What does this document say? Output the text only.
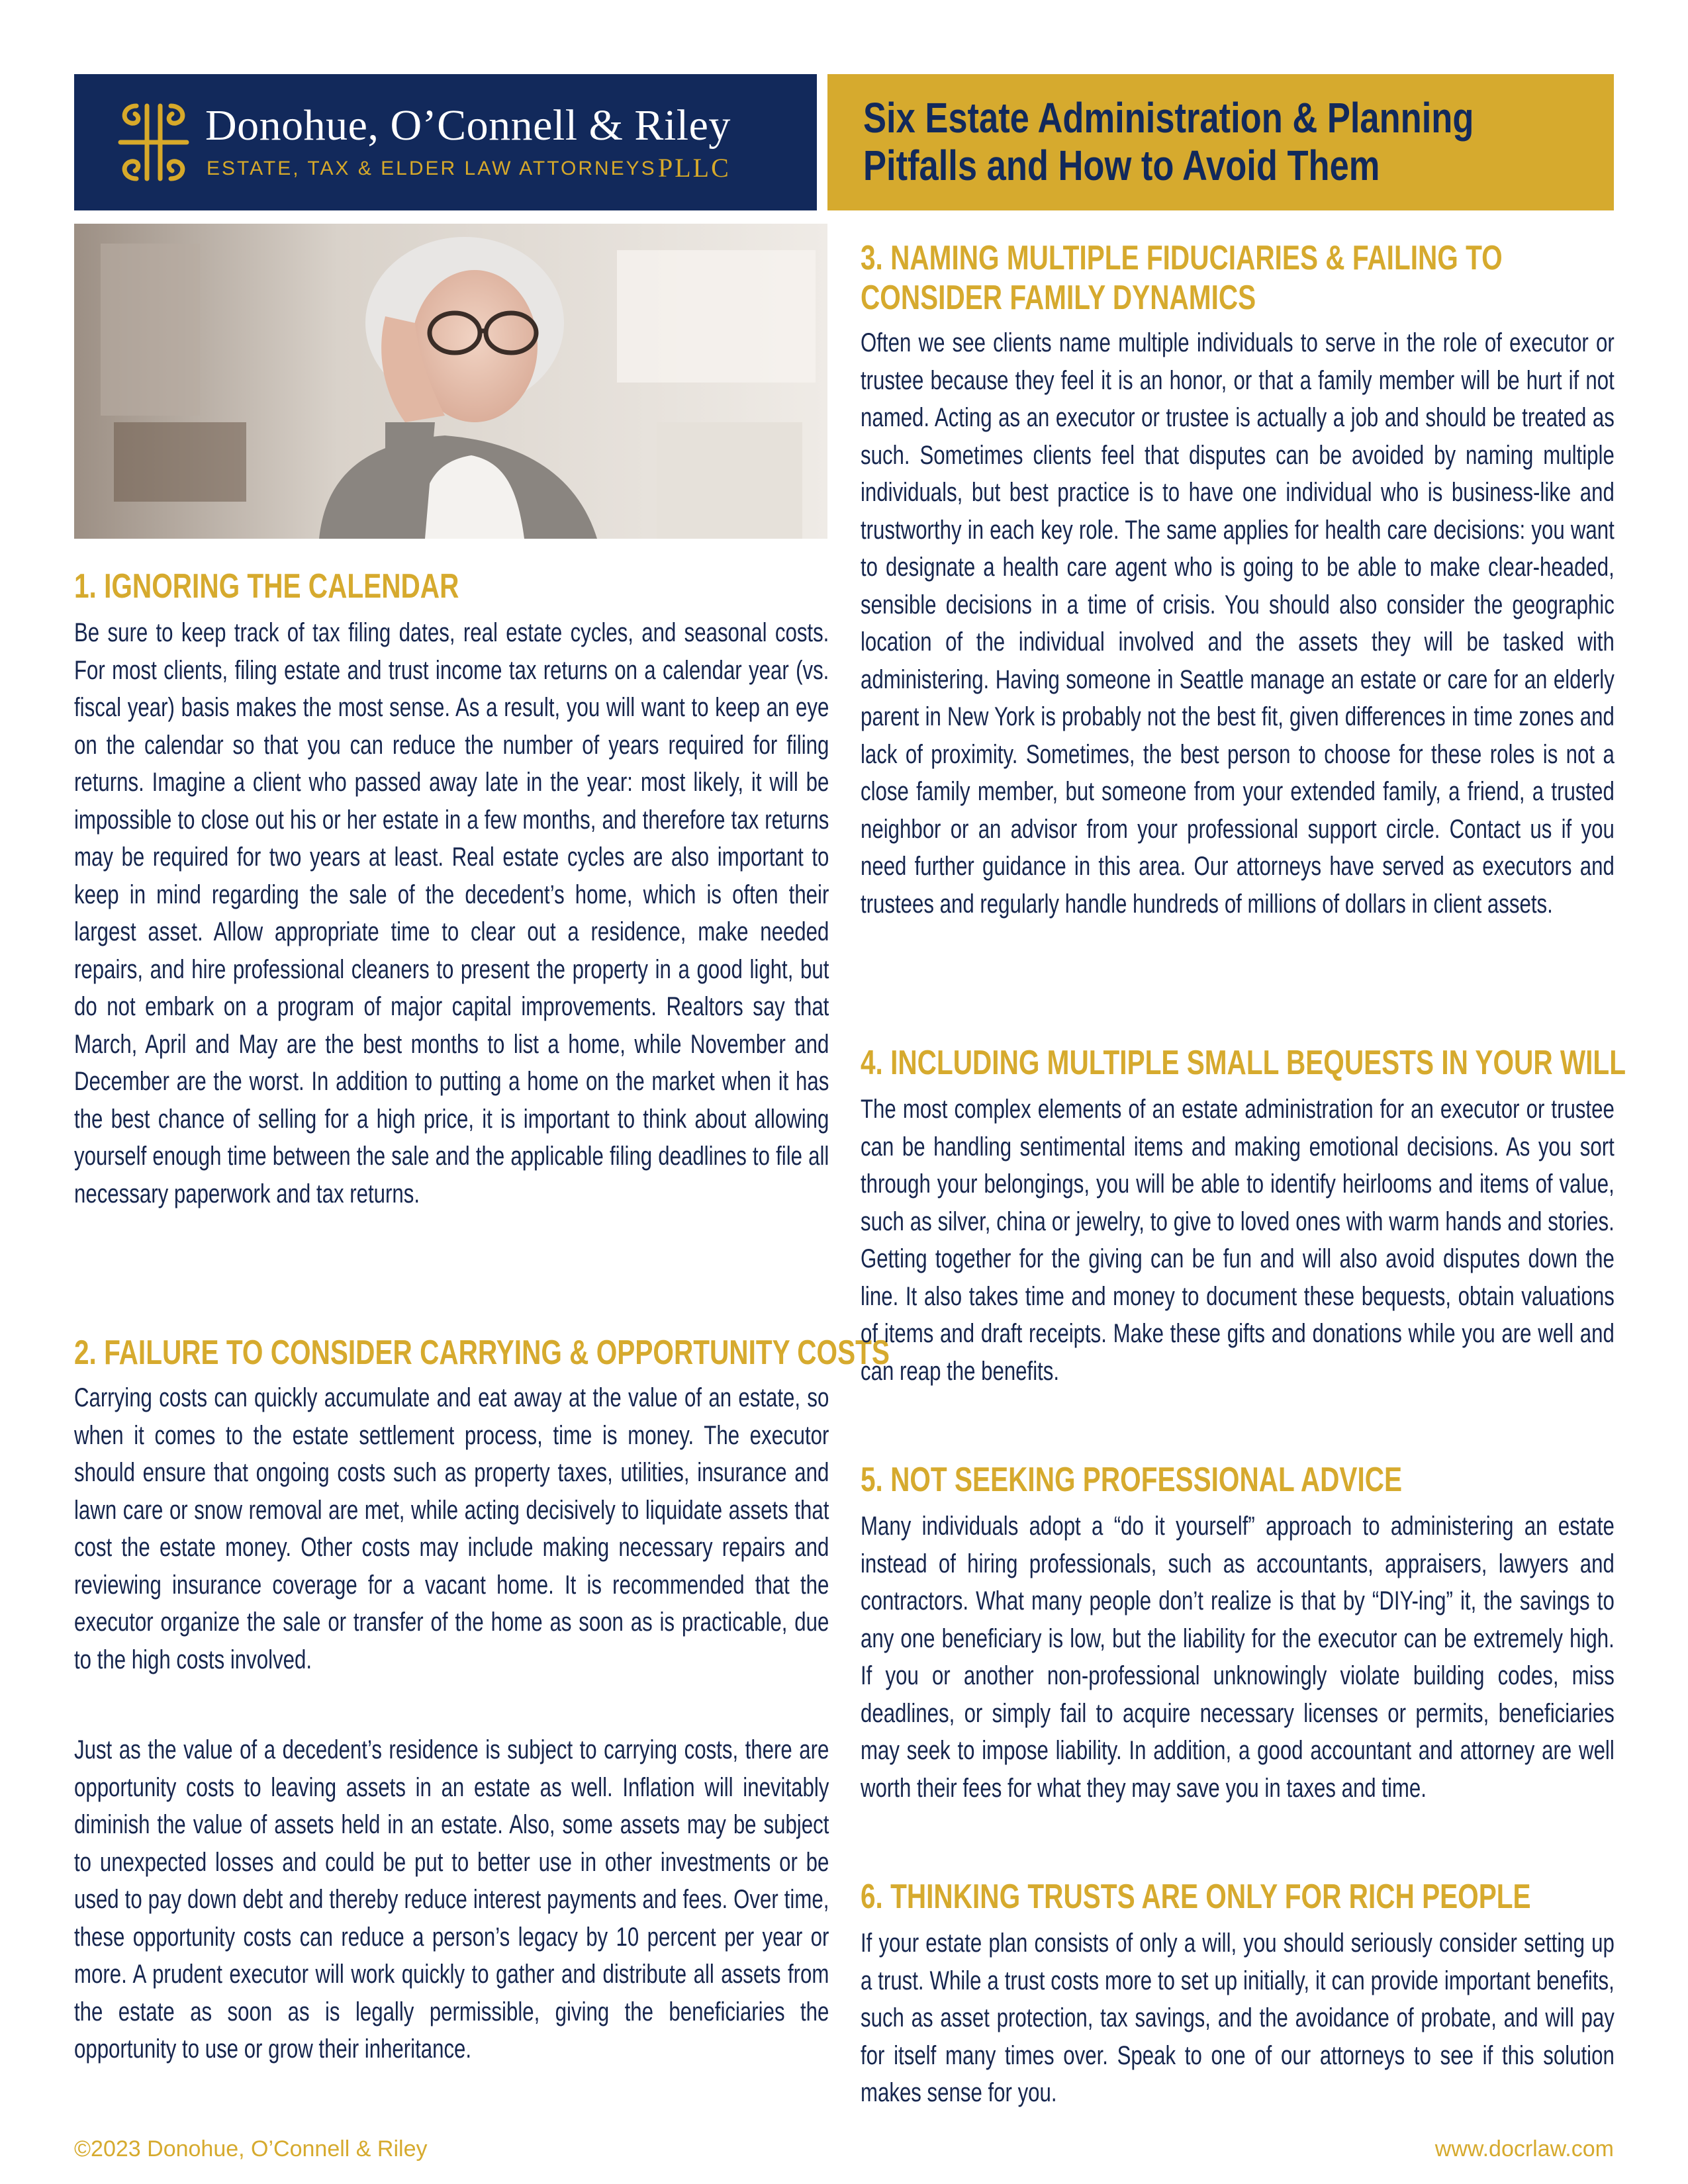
Donohue, O’Connell & Riley
ESTATE, TAX & ELDER LAW ATTORNEYS PLLC
Six Estate Administration & Planning Pitfalls and How to Avoid Them
1. IGNORING THE CALENDAR

Be sure to keep track of tax filing dates, real estate cycles, and seasonal costs. For most clients, filing estate and trust income tax returns on a calendar year (vs. fiscal year) basis makes the most sense. As a result, you will want to keep an eye on the calendar so that you can reduce the number of years required for filing returns. Imagine a client who passed away late in the year: most likely, it will be impossible to close out his or her estate in a few months, and therefore tax returns may be required for two years at least. Real estate cycles are also important to keep in mind regarding the sale of the decedent’s home, which is often their largest asset. Allow appropriate time to clear out a residence, make needed repairs, and hire professional cleaners to present the property in a good light, but do not embark on a program of major capital improvements. Realtors say that March, April and May are the best months to list a home, while November and December are the worst. In addition to putting a home on the market when it has the best chance of selling for a high price, it is important to think about allowing yourself enough time between the sale and the applicable filing deadlines to file all necessary paperwork and tax returns.

2. FAILURE TO CONSIDER CARRYING & OPPORTUNITY COSTS

Carrying costs can quickly accumulate and eat away at the value of an estate, so when it comes to the estate settlement process, time is money. The executor should ensure that ongoing costs such as property taxes, utilities, insurance and lawn care or snow removal are met, while acting decisively to liquidate assets that cost the estate money. Other costs may include making necessary repairs and reviewing insurance coverage for a vacant home. It is recommended that the executor organize the sale or transfer of the home as soon as is practicable, due to the high costs involved.

Just as the value of a decedent’s residence is subject to carrying costs, there are opportunity costs to leaving assets in an estate as well. Inflation will inevitably diminish the value of assets held in an estate. Also, some assets may be subject to unexpected losses and could be put to better use in other investments or be used to pay down debt and thereby reduce interest payments and fees. Over time, these opportunity costs can reduce a person’s legacy by 10 percent per year or more. A prudent executor will work quickly to gather and distribute all assets from the estate as soon as is legally permissible, giving the beneficiaries the opportunity to use or grow their inheritance.

3. NAMING MULTIPLE FIDUCIARIES & FAILING TO CONSIDER FAMILY DYNAMICS

Often we see clients name multiple individuals to serve in the role of executor or trustee because they feel it is an honor, or that a family member will be hurt if not named. Acting as an executor or trustee is actually a job and should be treated as such. Sometimes clients feel that disputes can be avoided by naming multiple individuals, but best practice is to have one individual who is business-like and trustworthy in each key role. The same applies for health care decisions: you want to designate a health care agent who is going to be able to make clear-headed, sensible decisions in a time of crisis. You should also consider the geographic location of the individual involved and the assets they will be tasked with administering. Having someone in Seattle manage an estate or care for an elderly parent in New York is probably not the best fit, given differences in time zones and lack of proximity. Sometimes, the best person to choose for these roles is not a close family member, but someone from your extended family, a friend, a trusted neighbor or an advisor from your professional support circle. Contact us if you need further guidance in this area. Our attorneys have served as executors and trustees and regularly handle hundreds of millions of dollars in client assets.

4. INCLUDING MULTIPLE SMALL BEQUESTS IN YOUR WILL

The most complex elements of an estate administration for an executor or trustee can be handling sentimental items and making emotional decisions. As you sort through your belongings, you will be able to identify heirlooms and items of value, such as silver, china or jewelry, to give to loved ones with warm hands and stories. Getting together for the giving can be fun and will also avoid disputes down the line. It also takes time and money to document these bequests, obtain valuations of items and draft receipts. Make these gifts and donations while you are well and can reap the benefits.

5. NOT SEEKING PROFESSIONAL ADVICE

Many individuals adopt a “do it yourself” approach to administering an estate instead of hiring professionals, such as accountants, appraisers, lawyers and contractors. What many people don’t realize is that by “DIY-ing” it, the savings to any one beneficiary is low, but the liability for the executor can be extremely high. If you or another non-professional unknowingly violate building codes, miss deadlines, or simply fail to acquire necessary licenses or permits, beneficiaries may seek to impose liability. In addition, a good accountant and attorney are well worth their fees for what they may save you in taxes and time.

6. THINKING TRUSTS ARE ONLY FOR RICH PEOPLE

If your estate plan consists of only a will, you should seriously consider setting up a trust. While a trust costs more to set up initially, it can provide important benefits, such as asset protection, tax savings, and the avoidance of probate, and will pay for itself many times over. Speak to one of our attorneys to see if this solution makes sense for you.

©2023 Donohue, O’Connell & Riley	www.docrlaw.com
